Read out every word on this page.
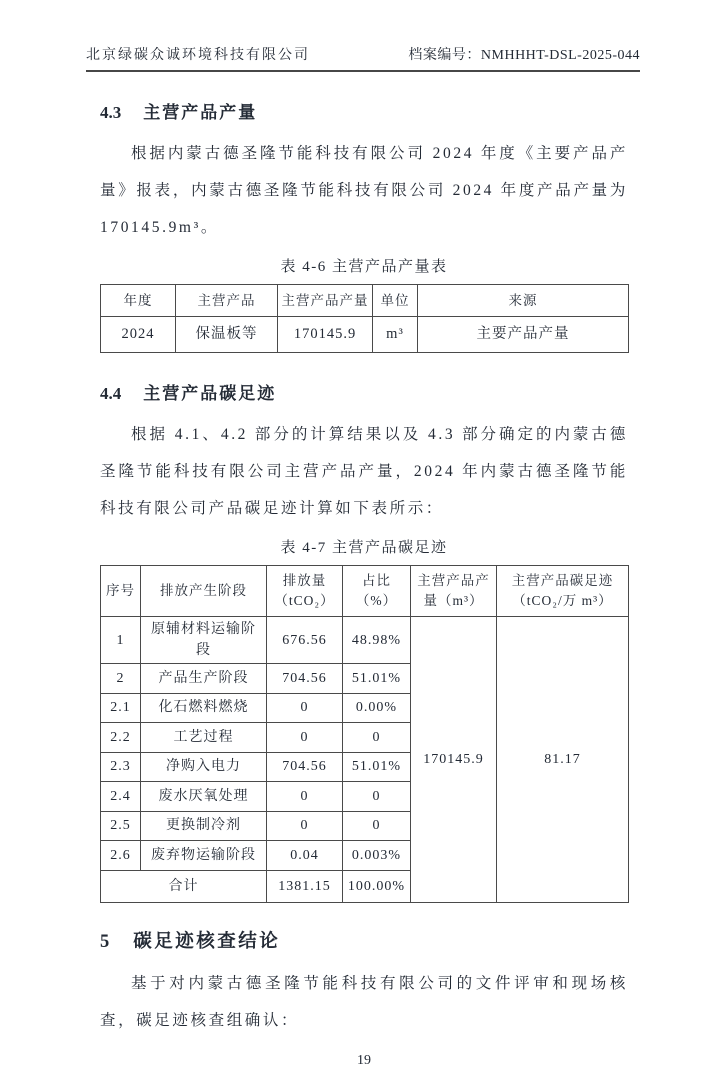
北京绿碳众诚环境科技有限公司	档案编号：NMHHHT-DSL-2025-044
4.3 主营产品产量
根据内蒙古德圣隆节能科技有限公司 2024 年度《主要产品产量》报表，内蒙古德圣隆节能科技有限公司 2024 年度产品产量为 170145.9m³。
表 4-6 主营产品产量表
年度	主营产品	主营产品产量	单位	来源
2024	保温板等	170145.9	m³	主要产品产量
4.4 主营产品碳足迹
根据 4.1、4.2 部分的计算结果以及 4.3 部分确定的内蒙古德圣隆节能科技有限公司主营产品产量，2024 年内蒙古德圣隆节能科技有限公司产品碳足迹计算如下表所示：
表 4-7 主营产品碳足迹
序号	排放产生阶段	排放量（tCO₂）	占比（%）	主营产品产量（m³）	主营产品碳足迹（tCO₂/万 m³）
1	原辅材料运输阶段	676.56	48.98%	170145.9	81.17
2	产品生产阶段	704.56	51.01%		
2.1	化石燃料燃烧	0	0.00%		
2.2	工艺过程	0	0		
2.3	净购入电力	704.56	51.01%		
2.4	废水厌氧处理	0	0		
2.5	更换制冷剂	0	0		
2.6	废弃物运输阶段	0.04	0.003%		
合计		1381.15	100.00%		
5 碳足迹核查结论
基于对内蒙古德圣隆节能科技有限公司的文件评审和现场核查，碳足迹核查组确认：
19
